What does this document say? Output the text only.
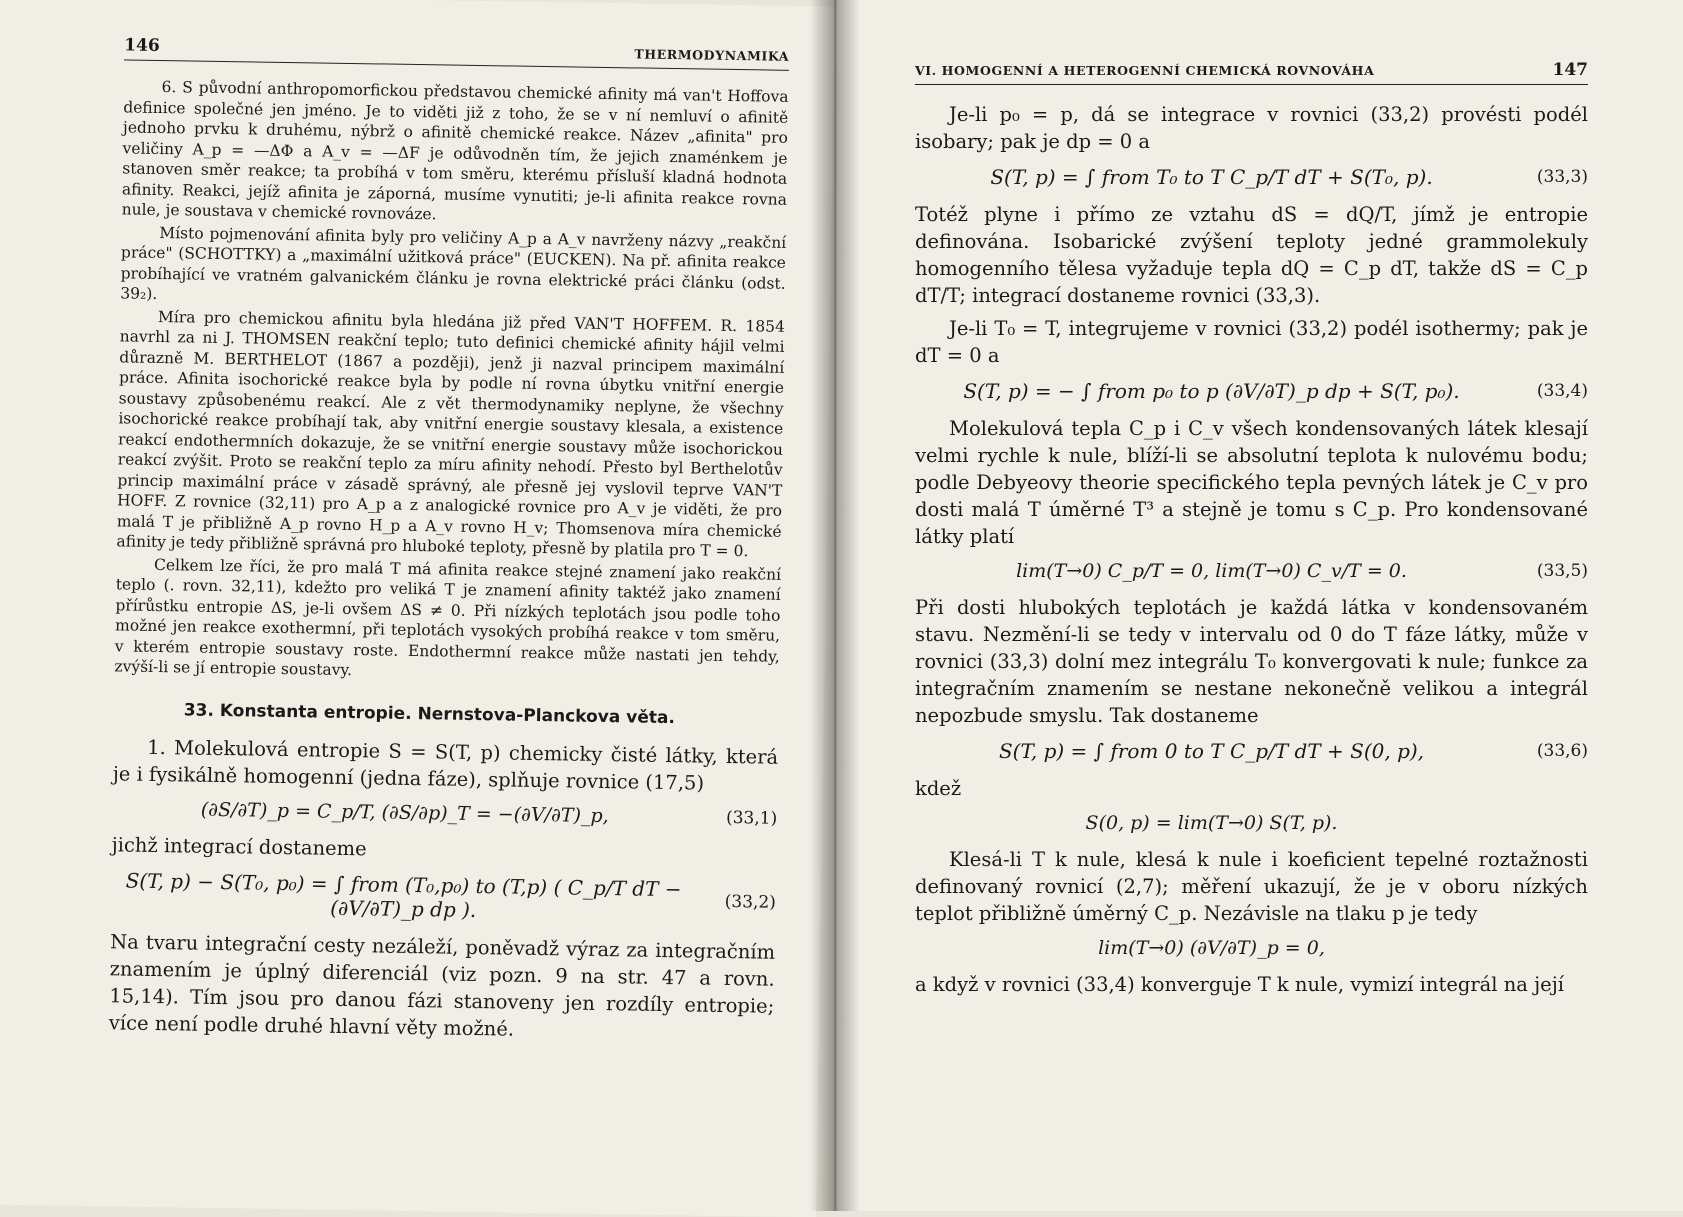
146	THERMODYNAMIKA

6. S původní anthropomorfickou představou chemické afinity má van't Hoffova definice společné jen jméno. Je to viděti již z toho, že se v ní nemluví o afinitě jednoho prvku k druhému, nýbrž o afinitě chemické reakce. Název „afinita" pro veličiny A_p = —ΔΦ a A_v = —ΔF je odůvodněn tím, že jejich znaménkem je stanoven směr reakce; ta probíhá v tom směru, kterému přísluší kladná hodnota afinity. Reakci, jejíž afinita je záporná, musíme vynutiti; je-li afinita reakce rovna nule, je soustava v chemické rovnováze.

Místo pojmenování afinita byly pro veličiny A_p a A_v navrženy názvy „reakční práce" (SCHOTTKY) a „maximální užitková práce" (EUCKEN). Na př. afinita reakce probíhající ve vratném galvanickém článku je rovna elektrické práci článku (odst. 39₂).

Míra pro chemickou afinitu byla hledána již před VAN'T HOFFEM. R. 1854 navrhl za ni J. THOMSEN reakční teplo; tuto definici chemické afinity hájil velmi důrazně M. BERTHELOT (1867 a později), jenž ji nazval principem maximální práce. Afinita isochorické reakce byla by podle ní rovna úbytku vnitřní energie soustavy způsobenému reakcí. Ale z vět thermodynamiky neplyne, že všechny isochorické reakce probíhají tak, aby vnitřní energie soustavy klesala, a existence reakcí endothermních dokazuje, že se vnitřní energie soustavy může isochorickou reakcí zvýšit. Proto se reakční teplo za míru afinity nehodí. Přesto byl Berthelotův princip maximální práce v zásadě správný, ale přesně jej vyslovil teprve VAN'T HOFF. Z rovnice (32,11) pro A_p a z analogické rovnice pro A_v je viděti, že pro malá T je přibližně A_p rovno H_p a A_v rovno H_v; Thomsenova míra chemické afinity je tedy přibližně správná pro hluboké teploty, přesně by platila pro T = 0.

Celkem lze říci, že pro malá T má afinita reakce stejné znamení jako reakční teplo (. rovn. 32,11), kdežto pro veliká T je znamení afinity taktéž jako znamení přírůstku entropie ΔS, je-li ovšem ΔS ≠ 0. Při nízkých teplotách jsou podle toho možné jen reakce exothermní, při teplotách vysokých probíhá reakce v tom směru, v kterém entropie soustavy roste. Endothermní reakce může nastati jen tehdy, zvýší-li se jí entropie soustavy.

33. Konstanta entropie. Nernstova-Planckova věta.

1. Molekulová entropie S = S(T, p) chemicky čisté látky, která je i fysikálně homogenní (jedna fáze), splňuje rovnice (17,5)

(∂S/∂T)_p = C_p/T, (∂S/∂p)_T = −(∂V/∂T)_p,	(33,1)

jichž integrací dostaneme

S(T, p) − S(T₀, p₀) = ∫ from (T₀,p₀) to (T,p) ( C_p/T dT − (∂V/∂T)_p dp ).	(33,2)

Na tvaru integrační cesty nezáleží, poněvadž výraz za integračním znamením je úplný diferenciál (viz pozn. 9 na str. 47 a rovn. 15,14). Tím jsou pro danou fázi stanoveny jen rozdíly entropie; více není podle druhé hlavní věty možné.

VI. HOMOGENNÍ A HETEROGENNÍ CHEMICKÁ ROVNOVÁHA	147

Je-li p₀ = p, dá se integrace v rovnici (33,2) provésti podél isobary; pak je dp = 0 a

S(T, p) = ∫ from T₀ to T C_p/T dT + S(T₀, p).	(33,3)

Totéž plyne i přímo ze vztahu dS = dQ/T, jímž je entropie definována. Isobarické zvýšení teploty jedné grammolekuly homogenního tělesa vyžaduje tepla dQ = C_p dT, takže dS = C_p dT/T; integrací dostaneme rovnici (33,3).

Je-li T₀ = T, integrujeme v rovnici (33,2) podél isothermy; pak je dT = 0 a

S(T, p) = − ∫ from p₀ to p (∂V/∂T)_p dp + S(T, p₀).	(33,4)

Molekulová tepla C_p i C_v všech kondensovaných látek klesají velmi rychle k nule, blíží-li se absolutní teplota k nulovému bodu; podle Debyeovy theorie specifického tepla pevných látek je C_v pro dosti malá T úměrné T³ a stejně je tomu s C_p. Pro kondensované látky platí

lim(T→0) C_p/T = 0, lim(T→0) C_v/T = 0.	(33,5)

Při dosti hlubokých teplotách je každá látka v kondensovaném stavu. Nezmění-li se tedy v intervalu od 0 do T fáze látky, může v rovnici (33,3) dolní mez integrálu T₀ konvergovati k nule; funkce za integračním znamením se nestane nekonečně velikou a integrál nepozbude smyslu. Tak dostaneme

S(T, p) = ∫ from 0 to T C_p/T dT + S(0, p),	(33,6)

kdež

S(0, p) = lim(T→0) S(T, p).

Klesá-li T k nule, klesá k nule i koeficient tepelné roztažnosti definovaný rovnicí (2,7); měření ukazují, že je v oboru nízkých teplot přibližně úměrný C_p. Nezávisle na tlaku p je tedy

lim(T→0) (∂V/∂T)_p = 0,

a když v rovnici (33,4) konverguje T k nule, vymizí integrál na její
